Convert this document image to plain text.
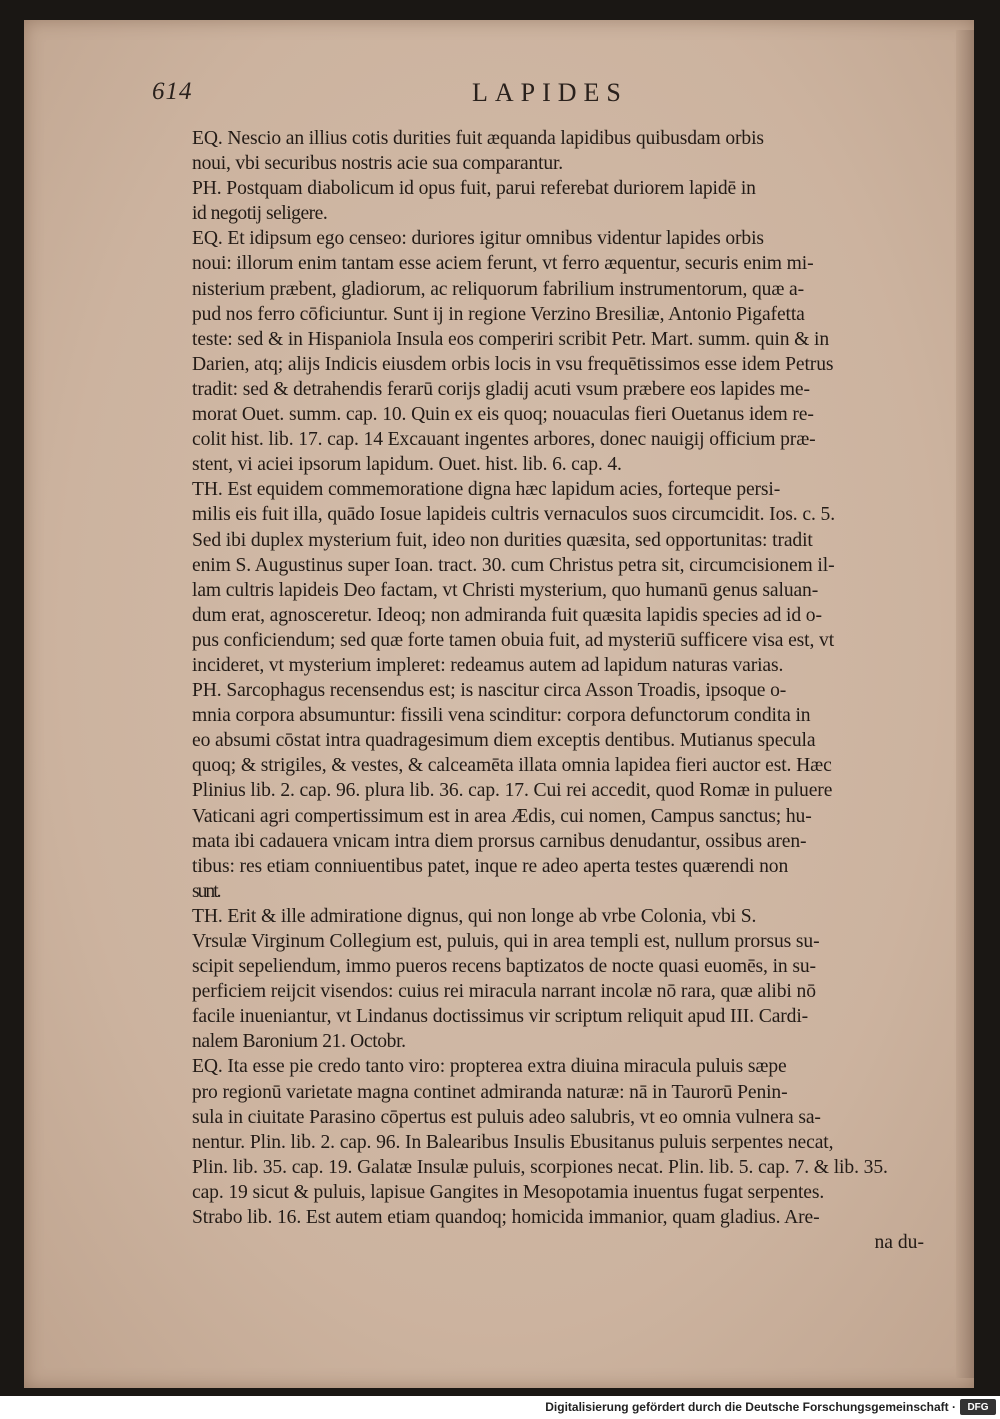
614	LAPIDES
EQ. Nescio an illius cotis durities fuit æquanda lapidibus quibusdam orbis
noui, vbi securibus nostris acie sua comparantur.
PH. Postquam diabolicum id opus fuit, parui referebat duriorem lapidē in
id negotij seligere.
EQ. Et idipsum ego censeo: duriores igitur omnibus videntur lapides orbis
noui: illorum enim tantam esse aciem ferunt, vt ferro æquentur, securis enim mi-
nisterium præbent, gladiorum, ac reliquorum fabrilium instrumentorum, quæ a-
pud nos ferro cōficiuntur. Sunt ij in regione Verzino Bresiliæ, Antonio Pigafetta
teste: sed & in Hispaniola Insula eos comperiri scribit Petr. Mart. summ. quin & in
Darien, atq; alijs Indicis eiusdem orbis locis in vsu frequētissimos esse idem Petrus
tradit: sed & detrahendis ferarū corijs gladij acuti vsum præbere eos lapides me-
morat Ouet. summ. cap. 10. Quin ex eis quoq; nouaculas fieri Ouetanus idem re-
colit hist. lib. 17. cap. 14 Excauant ingentes arbores, donec nauigij officium præ-
stent, vi aciei ipsorum lapidum. Ouet. hist. lib. 6. cap. 4.
TH. Est equidem commemoratione digna hæc lapidum acies, forteque persi-
milis eis fuit illa, quādo Iosue lapideis cultris vernaculos suos circumcidit. Ios. c. 5.
Sed ibi duplex mysterium fuit, ideo non durities quæsita, sed opportunitas: tradit
enim S. Augustinus super Ioan. tract. 30. cum Christus petra sit, circumcisionem il-
lam cultris lapideis Deo factam, vt Christi mysterium, quo humanū genus saluan-
dum erat, agnosceretur. Ideoq; non admiranda fuit quæsita lapidis species ad id o-
pus conficiendum; sed quæ forte tamen obuia fuit, ad mysteriū sufficere visa est, vt
incideret, vt mysterium impleret: redeamus autem ad lapidum naturas varias.
PH. Sarcophagus recensendus est; is nascitur circa Asson Troadis, ipsoque o-
mnia corpora absumuntur: fissili vena scinditur: corpora defunctorum condita in
eo absumi cōstat intra quadragesimum diem exceptis dentibus. Mutianus specula
quoq; & strigiles, & vestes, & calceamēta illata omnia lapidea fieri auctor est. Hæc
Plinius lib. 2. cap. 96. plura lib. 36. cap. 17. Cui rei accedit, quod Romæ in puluere
Vaticani agri compertissimum est in area Ædis, cui nomen, Campus sanctus; hu-
mata ibi cadauera vnicam intra diem prorsus carnibus denudantur, ossibus aren-
tibus: res etiam conniuentibus patet, inque re adeo aperta testes quærendi non
sunt.
TH. Erit & ille admiratione dignus, qui non longe ab vrbe Colonia, vbi S.
Vrsulæ Virginum Collegium est, puluis, qui in area templi est, nullum prorsus su-
scipit sepeliendum, immo pueros recens baptizatos de nocte quasi euomēs, in su-
perficiem reijcit visendos: cuius rei miracula narrant incolæ nō rara, quæ alibi nō
facile inueniantur, vt Lindanus doctissimus vir scriptum reliquit apud III. Cardi-
nalem Baronium 21. Octobr.
EQ. Ita esse pie credo tanto viro: propterea extra diuina miracula puluis sæpe
pro regionū varietate magna continet admiranda naturæ: nā in Taurorū Penin-
sula in ciuitate Parasino cōpertus est puluis adeo salubris, vt eo omnia vulnera sa-
nentur. Plin. lib. 2. cap. 96. In Balearibus Insulis Ebusitanus puluis serpentes necat,
Plin. lib. 35. cap. 19. Galatæ Insulæ puluis, scorpiones necat. Plin. lib. 5. cap. 7. & lib. 35.
cap. 19 sicut & puluis, lapisue Gangites in Mesopotamia inuentus fugat serpentes.
Strabo lib. 16. Est autem etiam quandoq; homicida immanior, quam gladius. Are-
na du-
Digitalisierung gefördert durch die Deutsche Forschungsgemeinschaft ·	DFG
